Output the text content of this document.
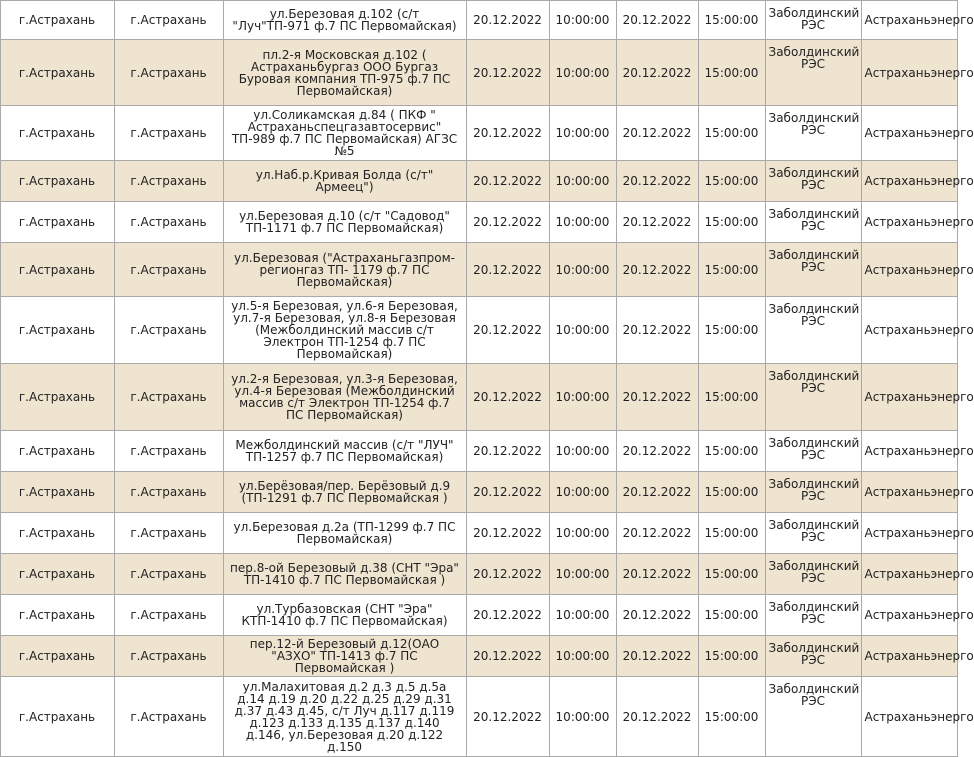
	г.Астрахань	г.Астрахань	ул.Березовая д.102 (с/т "Луч"ТП-971 ф.7 ПС Первомайская)	20.12.2022	10:00:00	20.12.2022	15:00:00	Заболдинский РЭС	Астраханьэнерго
	г.Астрахань	г.Астрахань	пл.2-я Московская д.102 ( Астраханьбургаз ООО Бургаз Буровая компания ТП-975 ф.7 ПС Первомайская)	20.12.2022	10:00:00	20.12.2022	15:00:00	Заболдинский РЭС	Астраханьэнерго
	г.Астрахань	г.Астрахань	ул.Соликамская д.84 ( ПКФ " Астраханьспецгазавтосервис" ТП-989 ф.7 ПС Первомайская) АГЗС №5	20.12.2022	10:00:00	20.12.2022	15:00:00	Заболдинский РЭС	Астраханьэнерго
	г.Астрахань	г.Астрахань	ул.Наб.р.Кривая Болда (с/т" Армеец")	20.12.2022	10:00:00	20.12.2022	15:00:00	Заболдинский РЭС	Астраханьэнерго
	г.Астрахань	г.Астрахань	ул.Березовая д.10 (с/т "Садовод" ТП-1171 ф.7 ПС Первомайская)	20.12.2022	10:00:00	20.12.2022	15:00:00	Заболдинский РЭС	Астраханьэнерго
	г.Астрахань	г.Астрахань	ул.Березовая ("Астраханьгазпром-регионгаз ТП- 1179 ф.7 ПС Первомайская)	20.12.2022	10:00:00	20.12.2022	15:00:00	Заболдинский РЭС	Астраханьэнерго
	г.Астрахань	г.Астрахань	ул.5-я Березовая, ул.6-я Березовая, ул.7-я Березовая, ул.8-я Березовая (Межболдинский массив с/т Электрон ТП-1254 ф.7 ПС Первомайская)	20.12.2022	10:00:00	20.12.2022	15:00:00	Заболдинский РЭС	Астраханьэнерго
	г.Астрахань	г.Астрахань	ул.2-я Березовая, ул.3-я Березовая, ул.4-я Березовая (Межболдинский массив с/т Электрон ТП-1254 ф.7 ПС Первомайская)	20.12.2022	10:00:00	20.12.2022	15:00:00	Заболдинский РЭС	Астраханьэнерго
	г.Астрахань	г.Астрахань	Межболдинский массив (с/т "ЛУЧ" ТП-1257 ф.7 ПС Первомайская)	20.12.2022	10:00:00	20.12.2022	15:00:00	Заболдинский РЭС	Астраханьэнерго
	г.Астрахань	г.Астрахань	ул.Берёзовая/пер. Берёзовый д.9 (ТП-1291 ф.7 ПС Первомайская )	20.12.2022	10:00:00	20.12.2022	15:00:00	Заболдинский РЭС	Астраханьэнерго
	г.Астрахань	г.Астрахань	ул.Березовая д.2а (ТП-1299 ф.7 ПС Первомайская)	20.12.2022	10:00:00	20.12.2022	15:00:00	Заболдинский РЭС	Астраханьэнерго
	г.Астрахань	г.Астрахань	пер.8-ой Березовый д.38 (СНТ "Эра" ТП-1410 ф.7 ПС Первомайская )	20.12.2022	10:00:00	20.12.2022	15:00:00	Заболдинский РЭС	Астраханьэнерго
	г.Астрахань	г.Астрахань	ул.Турбазовская (СНТ "Эра" КТП-1410 ф.7 ПС Первомайская)	20.12.2022	10:00:00	20.12.2022	15:00:00	Заболдинский РЭС	Астраханьэнерго
	г.Астрахань	г.Астрахань	пер.12-й Березовый д.12(ОАО "АЗХО" ТП-1413 ф.7 ПС Первомайская )	20.12.2022	10:00:00	20.12.2022	15:00:00	Заболдинский РЭС	Астраханьэнерго
	г.Астрахань	г.Астрахань	ул.Малахитовая д.2 д.3 д.5 д.5а д.14 д.19 д.20 д.22 д.25 д.29 д.31 д.37 д.43 д.45, с/т Луч д.117 д.119 д.123 д.133 д.135 д.137 д.140 д.146, ул.Березовая д.20 д.122 д.150	20.12.2022	10:00:00	20.12.2022	15:00:00	Заболдинский РЭС	Астраханьэнерго
